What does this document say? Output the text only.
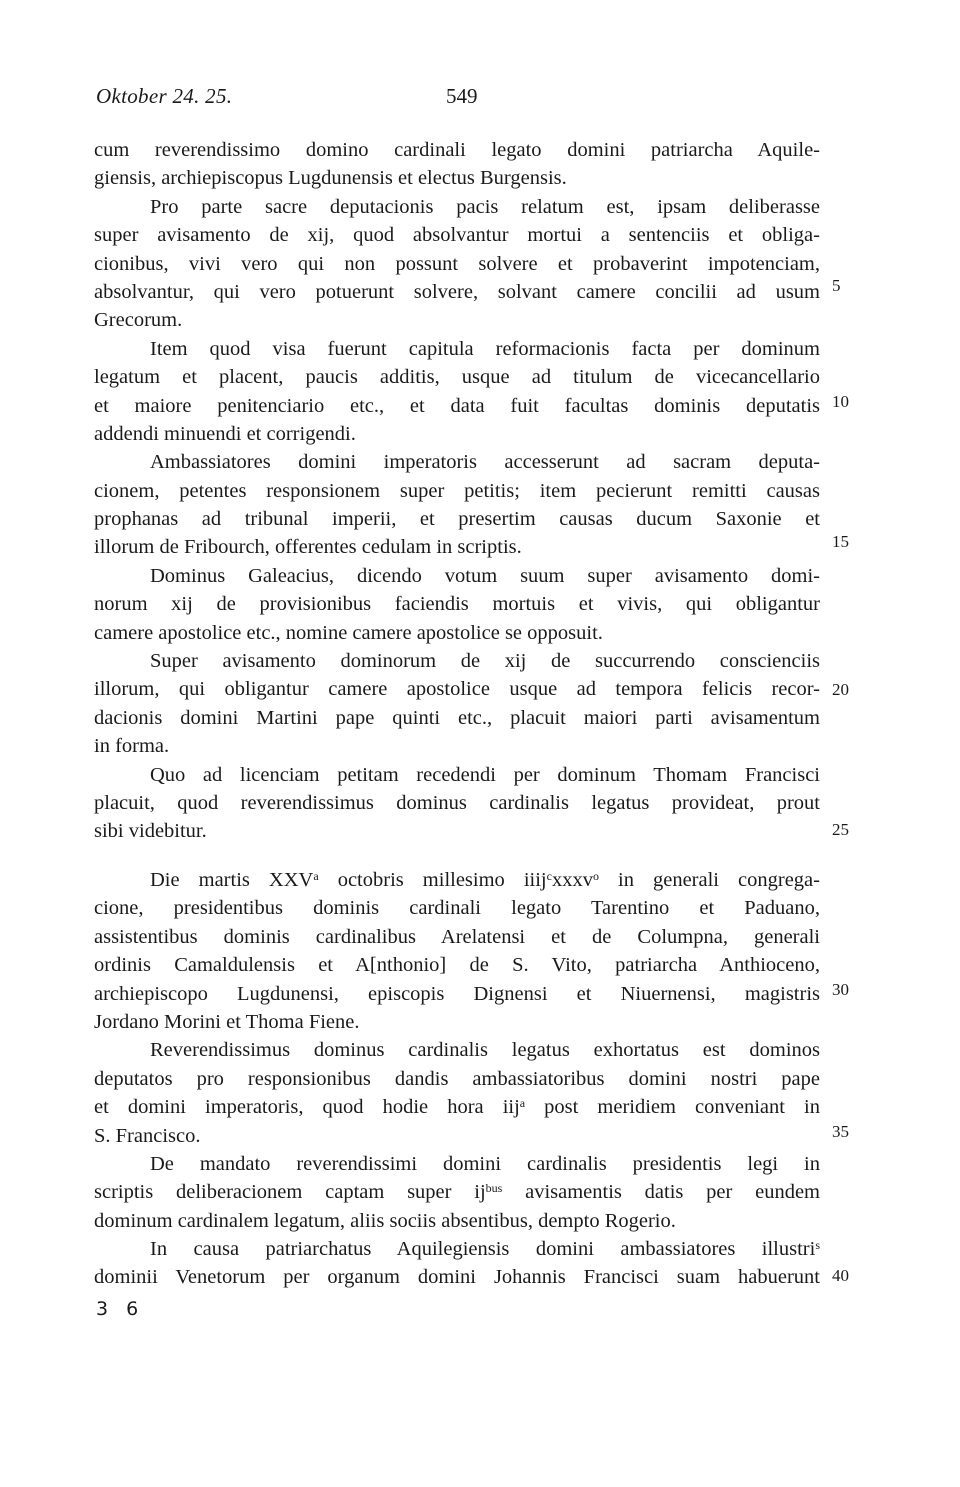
Oktober 24. 25.	549
cum reverendissimo domino cardinali legato domini patriarcha Aquile-
giensis, archiepiscopus Lugdunensis et electus Burgensis.
Pro parte sacre deputacionis pacis relatum est, ipsam deliberasse
super avisamento de xij, quod absolvantur mortui a sentenciis et obliga-
cionibus, vivi vero qui non possunt solvere et probaverint impotenciam,
absolvantur, qui vero potuerunt solvere, solvant camere concilii ad usum
Grecorum.
Item quod visa fuerunt capitula reformacionis facta per dominum
legatum et placent, paucis additis, usque ad titulum de vicecancellario
et maiore penitenciario etc., et data fuit facultas dominis deputatis
addendi minuendi et corrigendi.
Ambassiatores domini imperatoris accesserunt ad sacram deputa-
cionem, petentes responsionem super petitis; item pecierunt remitti causas
prophanas ad tribunal imperii, et presertim causas ducum Saxonie et
illorum de Fribourch, offerentes cedulam in scriptis.
Dominus Galeacius, dicendo votum suum super avisamento domi-
norum xij de provisionibus faciendis mortuis et vivis, qui obligantur
camere apostolice etc., nomine camere apostolice se opposuit.
Super avisamento dominorum de xij de succurrendo conscienciis
illorum, qui obligantur camere apostolice usque ad tempora felicis recor-
dacionis domini Martini pape quinti etc., placuit maiori parti avisamentum
in forma.
Quo ad licenciam petitam recedendi per dominum Thomam Francisci
placuit, quod reverendissimus dominus cardinalis legatus provideat, prout
sibi videbitur.
Die martis XXV$^a$ octobris millesimo iiij$^c$xxxv$^o$ in generali congrega-
cione, presidentibus dominis cardinali legato Tarentino et Paduano,
assistentibus dominis cardinalibus Arelatensi et de Columpna, generali
ordinis Camaldulensis et A[nthonio] de S. Vito, patriarcha Anthioceno,
archiepiscopo Lugdunensi, episcopis Dignensi et Niuernensi, magistris
Jordano Morini et Thoma Fiene.
Reverendissimus dominus cardinalis legatus exhortatus est dominos
deputatos pro responsionibus dandis ambassiatoribus domini nostri pape
et domini imperatoris, quod hodie hora iij$^a$ post meridiem conveniant in
S. Francisco.
De mandato reverendissimi domini cardinalis presidentis legi in
scriptis deliberacionem captam super $ij^{bus}$ avisamentis datis per eundem
dominum cardinalem legatum, aliis sociis absentibus, dempto Rogerio.
In causa patriarchatus Aquilegiensis domini ambassiatores illustri$^s$
dominii Venetorum per organum domini Johannis Francisci suam habuerunt
5
10
15
20
25
30
35
40
3 6
